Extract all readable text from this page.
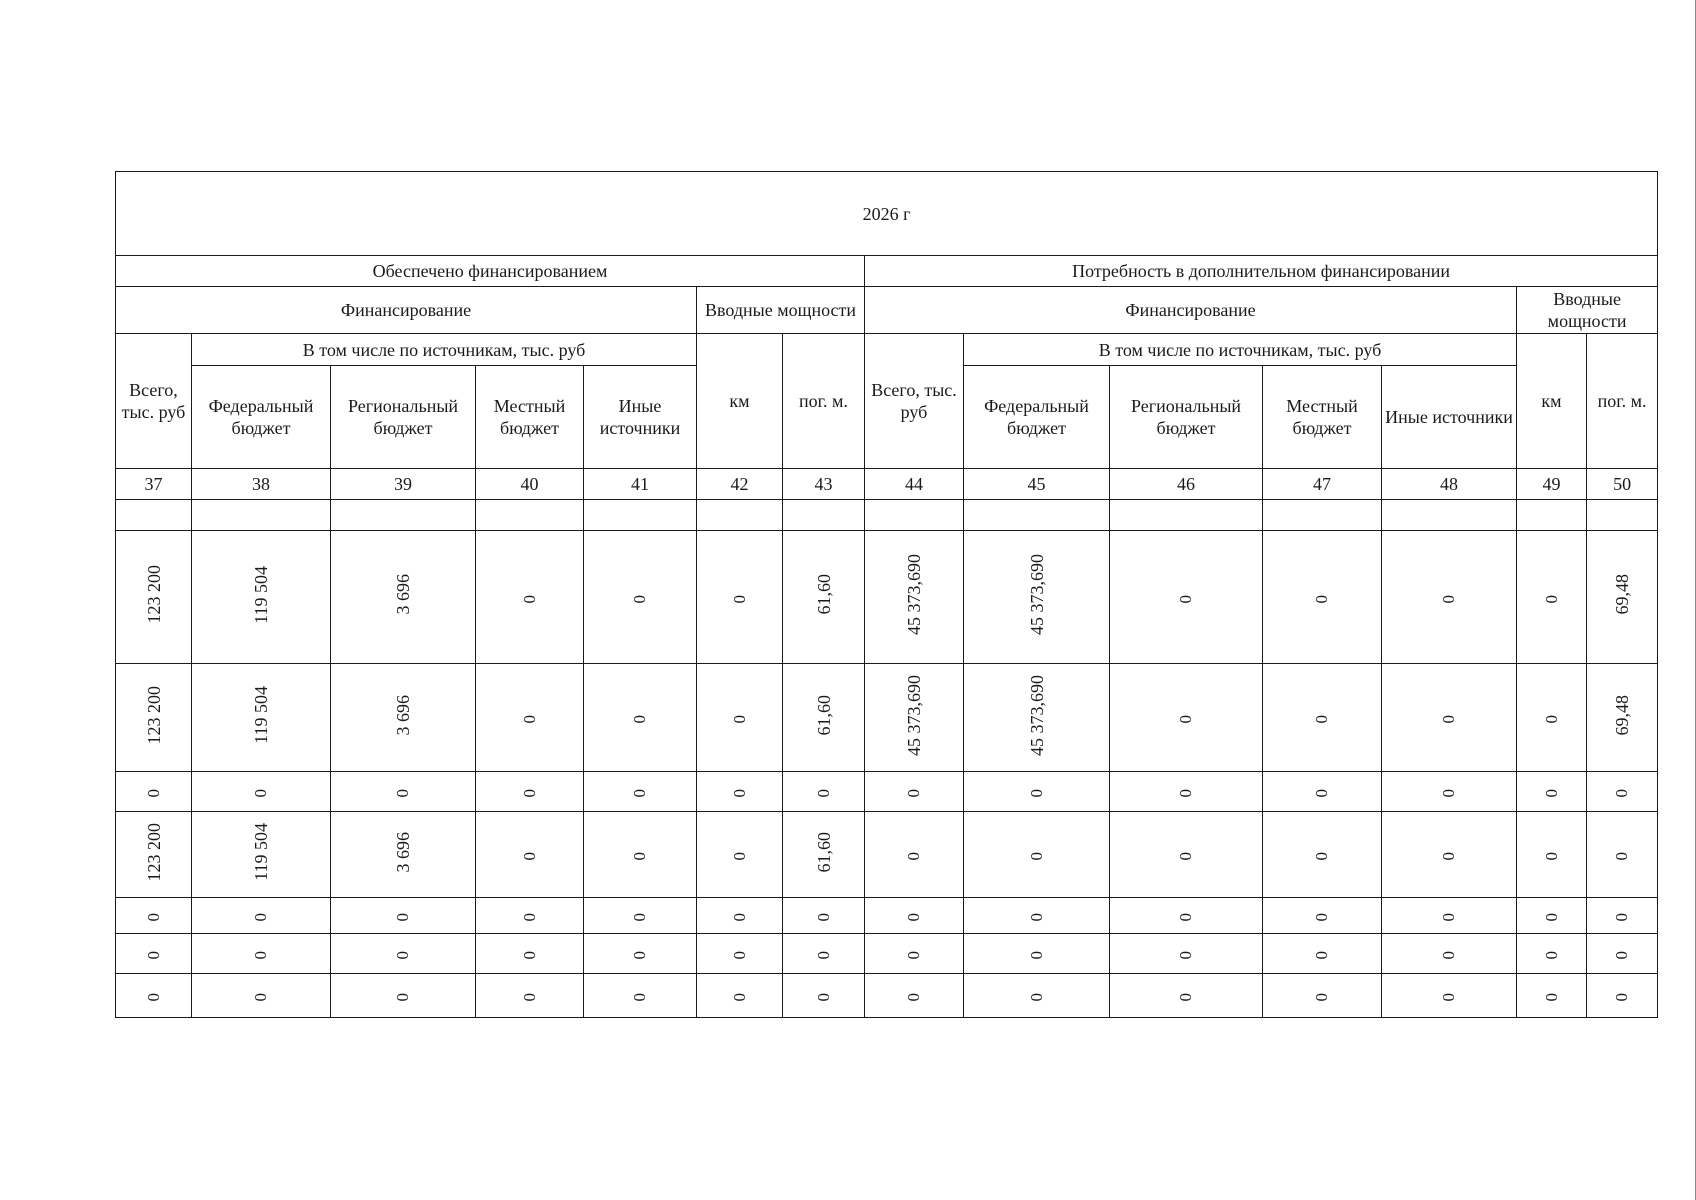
2026 г													
Обеспечено финансированием							Потребность в дополнительном финансировании						
Финансирование					Вводные мощности		Финансирование					Вводные мощности	
Всего, тыс. руб	В том числе по источникам, тыс. руб				км	пог. м.	Всего, тыс. руб	В том числе по источникам, тыс. руб				км	пог. м.
	Федеральный бюджет	Региональный бюджет	Местный бюджет	Иные источники				Федеральный бюджет	Региональный бюджет	Местный бюджет	Иные источники		
37	38	39	40	41	42	43	44	45	46	47	48	49	50

123 200	119 504	3 696	0	0	0	61,60	45 373,690	45 373,690	0	0	0	0	69,48
123 200	119 504	3 696	0	0	0	61,60	45 373,690	45 373,690	0	0	0	0	69,48
0	0	0	0	0	0	0	0	0	0	0	0	0	0
123 200	119 504	3 696	0	0	0	61,60	0	0	0	0	0	0	0
0	0	0	0	0	0	0	0	0	0	0	0	0	0
0	0	0	0	0	0	0	0	0	0	0	0	0	0
0	0	0	0	0	0	0	0	0	0	0	0	0	0
